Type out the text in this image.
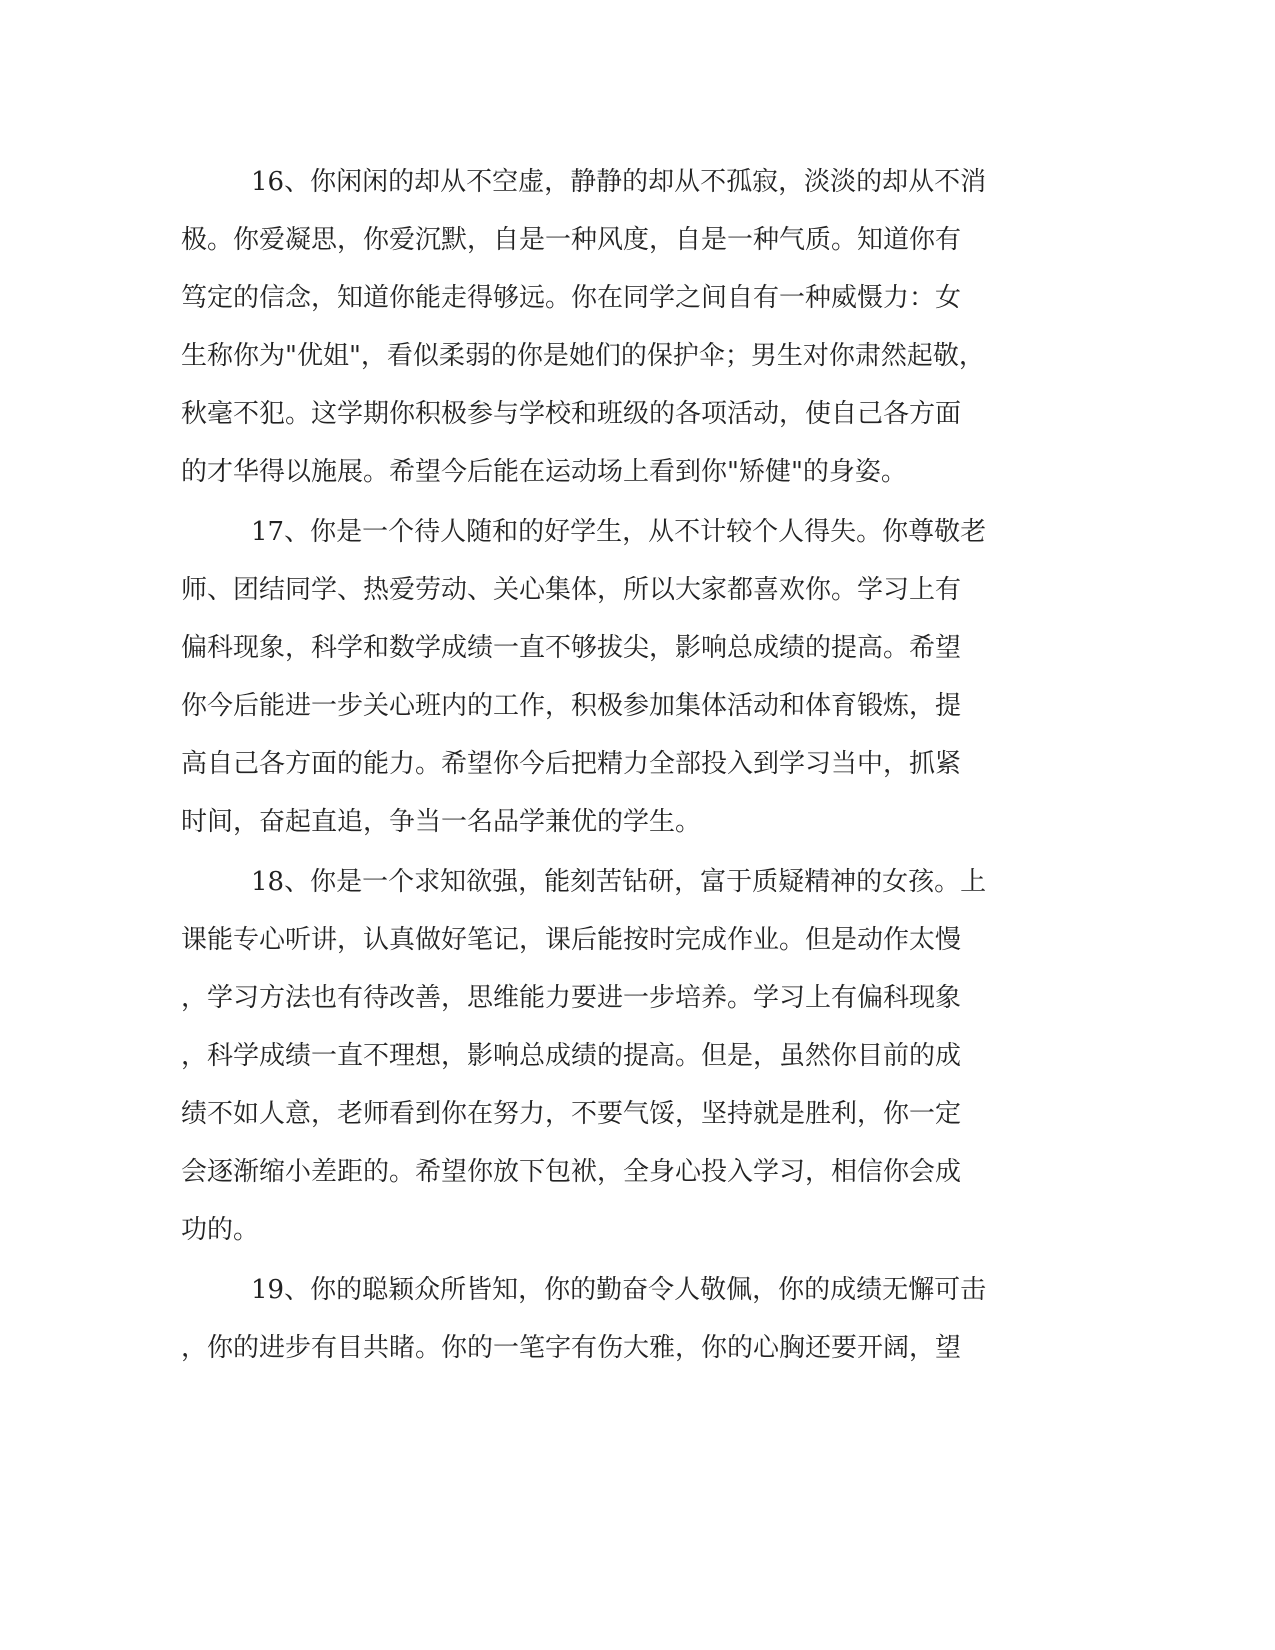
16、你闲闲的却从不空虚，静静的却从不孤寂，淡淡的却从不消
极。你爱凝思，你爱沉默，自是一种风度，自是一种气质。知道你有
笃定的信念，知道你能走得够远。你在同学之间自有一种威慑力：女
生称你为"优姐"，看似柔弱的你是她们的保护伞；男生对你肃然起敬，
秋毫不犯。这学期你积极参与学校和班级的各项活动，使自己各方面
的才华得以施展。希望今后能在运动场上看到你"矫健"的身姿。
17、你是一个待人随和的好学生，从不计较个人得失。你尊敬老
师、团结同学、热爱劳动、关心集体，所以大家都喜欢你。学习上有
偏科现象，科学和数学成绩一直不够拔尖，影响总成绩的提高。希望
你今后能进一步关心班内的工作，积极参加集体活动和体育锻炼，提
高自己各方面的能力。希望你今后把精力全部投入到学习当中，抓紧
时间，奋起直追，争当一名品学兼优的学生。
18、你是一个求知欲强，能刻苦钻研，富于质疑精神的女孩。上
课能专心听讲，认真做好笔记，课后能按时完成作业。但是动作太慢
，学习方法也有待改善，思维能力要进一步培养。学习上有偏科现象
，科学成绩一直不理想，影响总成绩的提高。但是，虽然你目前的成
绩不如人意，老师看到你在努力，不要气馁，坚持就是胜利，你一定
会逐渐缩小差距的。希望你放下包袱，全身心投入学习，相信你会成
功的。
19、你的聪颖众所皆知，你的勤奋令人敬佩，你的成绩无懈可击
，你的进步有目共睹。你的一笔字有伤大雅，你的心胸还要开阔，望
